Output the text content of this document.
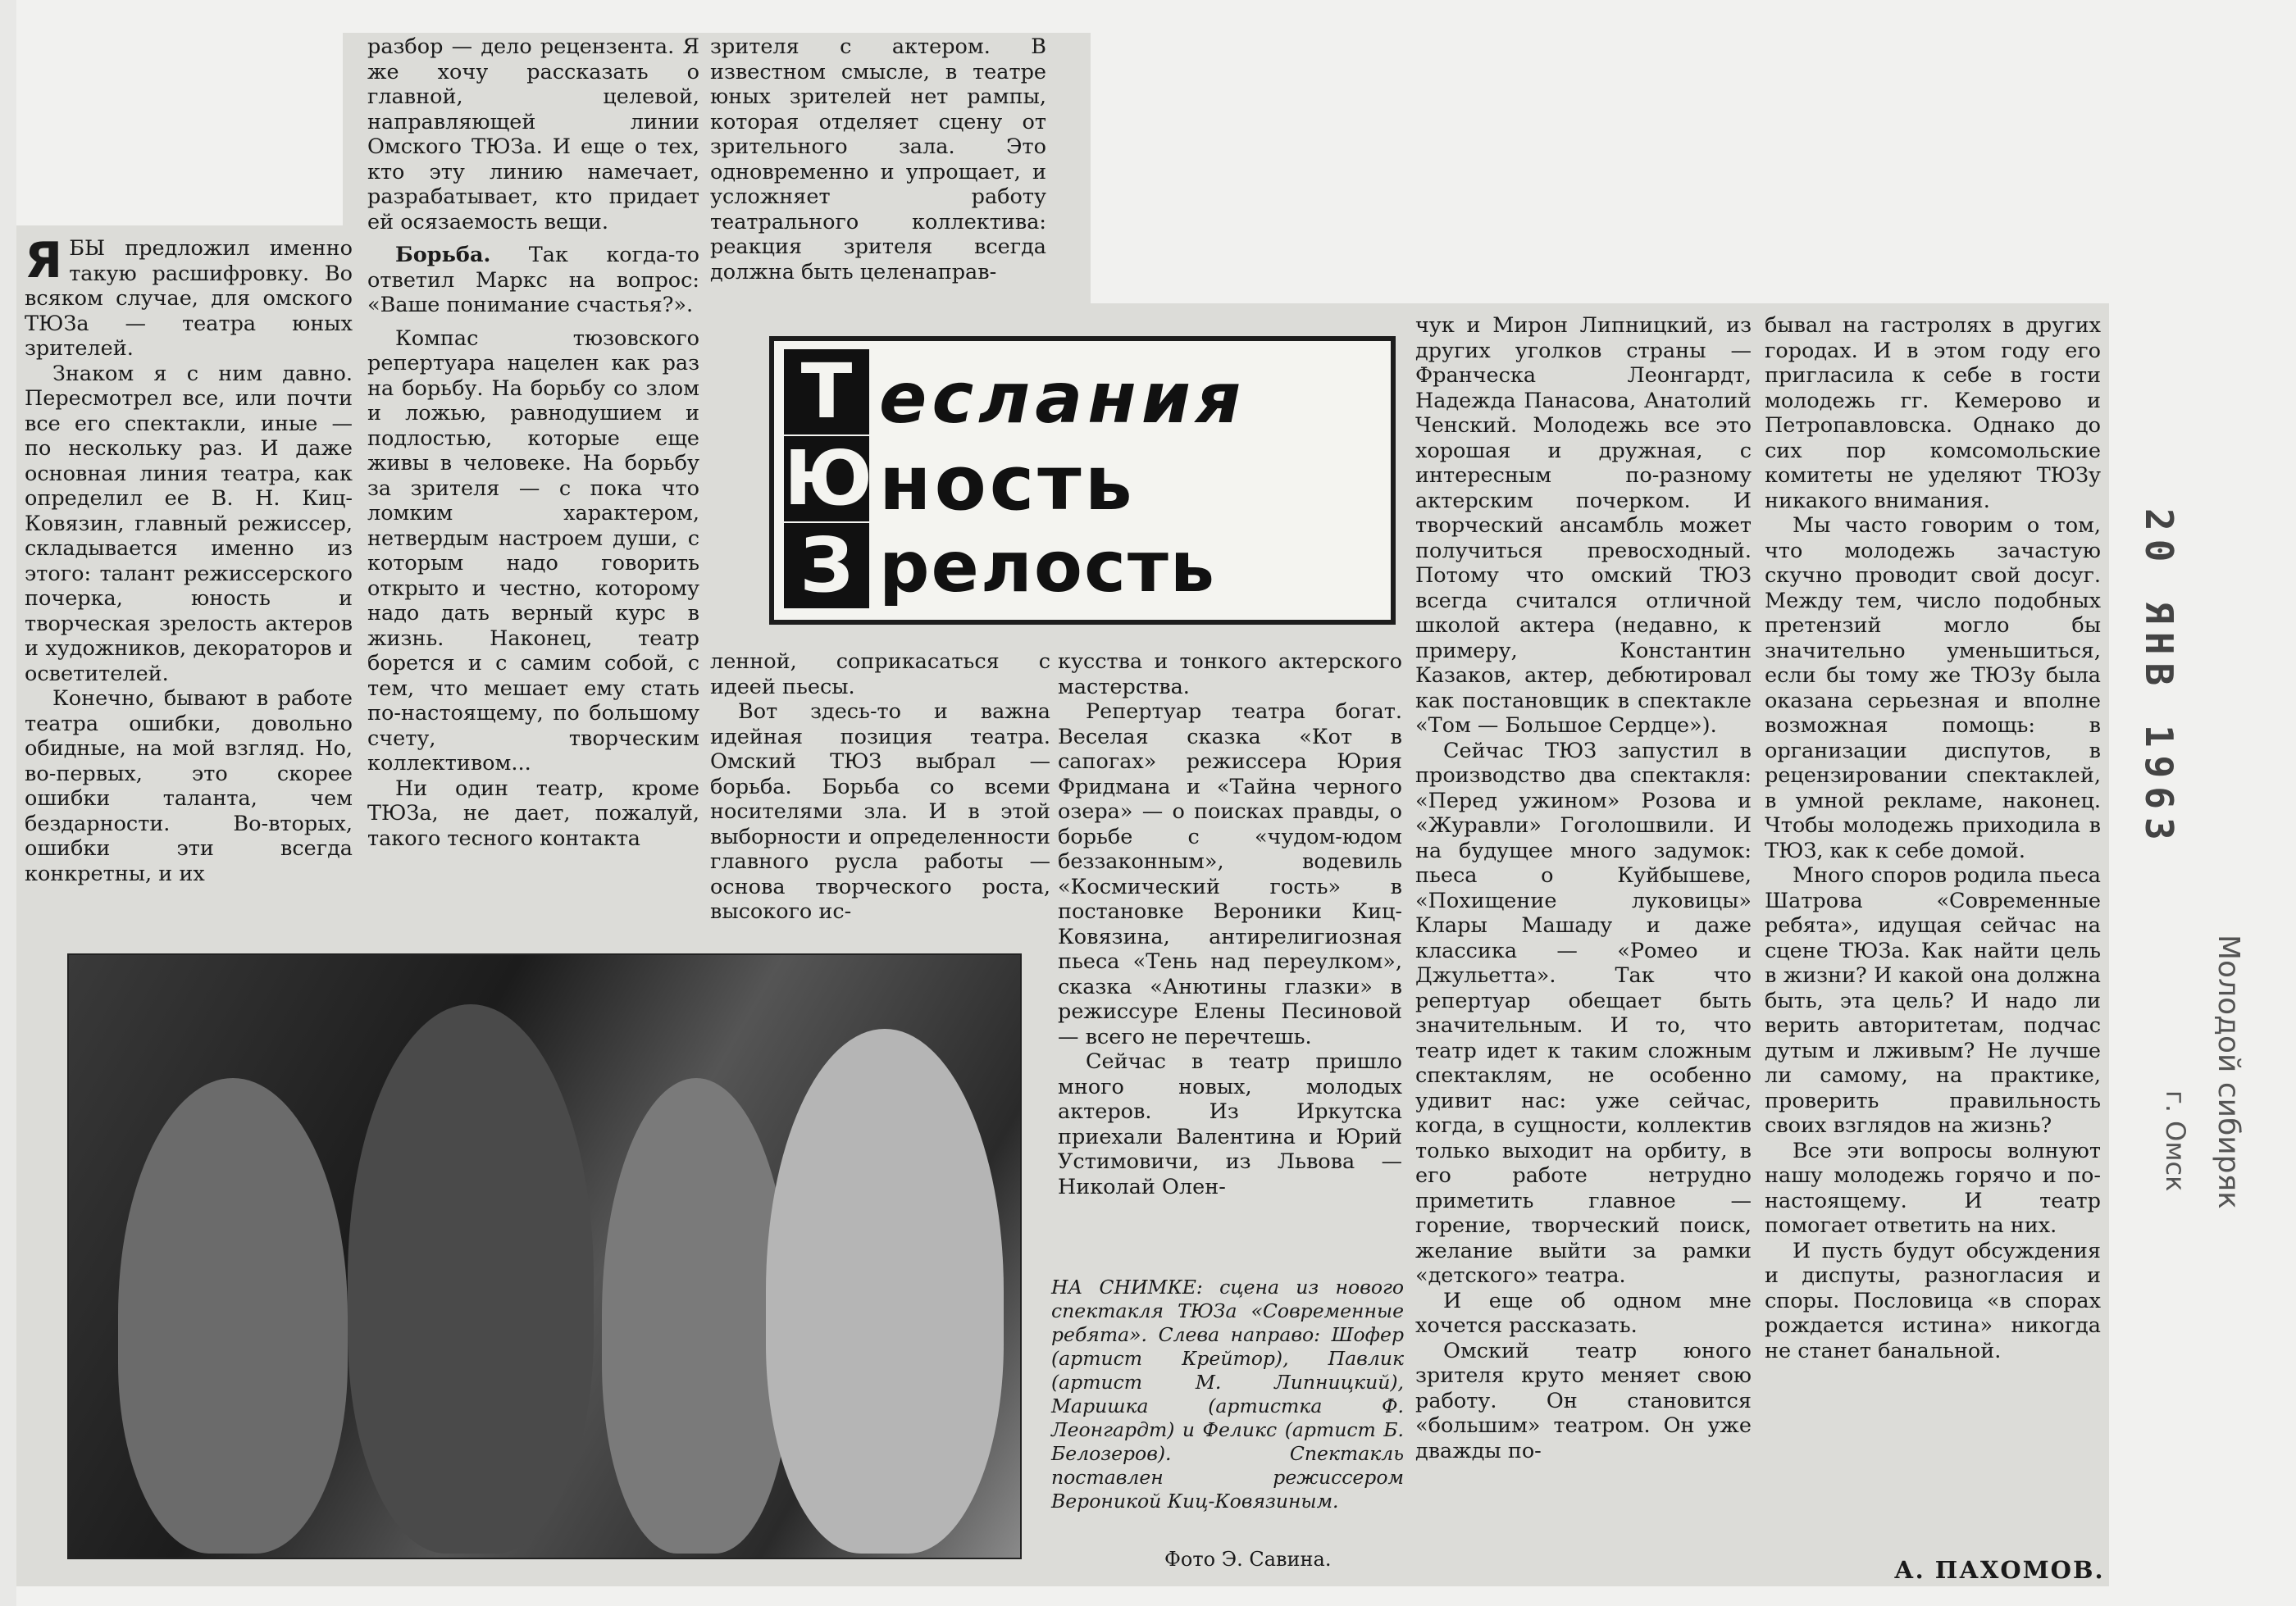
Я БЫ предложил именно такую расшифровку. Во всяком случае, для омского ТЮЗа — театра юных зрителей.

Знаком я с ним давно. Пересмотрел все, или почти все его спектакли, иные — по нескольку раз. И даже основная линия театра, как определил ее В. Н. Киц-Ковязин, главный режиссер, складывается именно из этого: талант режиссерского почерка, юность и творческая зрелость актеров и художников, декораторов и осветителей.

Конечно, бывают в работе театра ошибки, довольно обидные, на мой взгляд. Но, во-первых, это скорее ошибки таланта, чем бездарности. Во-вторых, ошибки эти всегда конкретны, и их

разбор — дело рецензента. Я же хочу рассказать о главной, целевой, направляющей линии Омского ТЮЗа. И еще о тех, кто эту линию намечает, разрабатывает, кто придает ей осязаемость вещи.

Борьба. Так когда-то ответил Маркс на вопрос: «Ваше понимание счастья?».

Компас тюзовского репертуара нацелен как раз на борьбу. На борьбу со злом и ложью, равнодушием и подлостью, которые еще живы в человеке. На борьбу за зрителя — с пока что ломким характером, нетвердым настроем души, с которым надо говорить открыто и честно, которому надо дать верный курс в жизнь. Наконец, театр борется и с самим собой, с тем, что мешает ему стать по-настоящему, по большому счету, творческим коллективом...

Ни один театр, кроме ТЮЗа, не дает, пожалуй, такого тесного контакта

зрителя с актером. В известном смысле, в театре юных зрителей нет рампы, которая отделяет сцену от зрительного зала. Это одновременно и упрощает, и усложняет работу театрального коллектива: реакция зрителя всегда должна быть целенаправ-

Т
Ю
З
еслания
ность
релость

ленной, соприкасаться с идеей пьесы.

Вот здесь-то и важна идейная позиция театра. Омский ТЮЗ выбрал — борьба. Борьба со всеми носителями зла. И в этой выборности и определенности главного русла работы — основа творческого роста, высокого ис-

кусства и тонкого актерского мастерства.

Репертуар театра богат. Веселая сказка «Кот в сапогах» режиссера Юрия Фридмана и «Тайна черного озера» — о поисках правды, о борьбе с «чудом-юдом беззаконным», водевиль «Космический гость» в постановке Вероники Киц-Ковязина, антирелигиозная пьеса «Тень над переулком», сказка «Анютины глазки» в режиссуре Елены Песиновой — всего не перечтешь.

Сейчас в театр пришло много новых, молодых актеров. Из Иркутска приехали Валентина и Юрий Устимовичи, из Львова — Николай Олен-

чук и Мирон Липницкий, из других уголков страны — Франческа Леонгардт, Надежда Панасова, Анатолий Ченский. Молодежь все это хорошая и дружная, с интересным по-разному актерским почерком. И творческий ансамбль может получиться превосходный. Потому что омский ТЮЗ всегда считался отличной школой актера (недавно, к примеру, Константин Казаков, актер, дебютировал как постановщик в спектакле «Том — Большое Сердце»).

Сейчас ТЮЗ запустил в производство два спектакля: «Перед ужином» Розова и «Журавли» Гоголошвили. И на будущее много задумок: пьеса о Куйбышеве, «Похищение луковицы» Клары Машаду и даже классика — «Ромео и Джульетта». Так что репертуар обещает быть значительным. И то, что театр идет к таким сложным спектаклям, не особенно удивит нас: уже сейчас, когда, в сущности, коллектив только выходит на орбиту, в его работе нетрудно приметить главное — горение, творческий поиск, желание выйти за рамки «детского» театра.

И еще об одном мне хочется рассказать.

Омский театр юного зрителя круто меняет свою работу. Он становится «большим» театром. Он уже дважды по-

бывал на гастролях в других городах. И в этом году его пригласила к себе в гости молодежь гг. Кемерово и Петропавловска. Однако до сих пор комсомольские комитеты не уделяют ТЮЗу никакого внимания.

Мы часто говорим о том, что молодежь зачастую скучно проводит свой досуг. Между тем, число подобных претензий могло бы значительно уменьшиться, если бы тому же ТЮЗу была оказана серьезная и вполне возможная помощь: в организации диспутов, в рецензировании спектаклей, в умной рекламе, наконец. Чтобы молодежь приходила в ТЮЗ, как к себе домой.

Много споров родила пьеса Шатрова «Современные ребята», идущая сейчас на сцене ТЮЗа. Как найти цель в жизни? И какой она должна быть, эта цель? И надо ли верить авторитетам, подчас дутым и лживым? Не лучше ли самому, на практике, проверить правильность своих взглядов на жизнь?

Все эти вопросы волнуют нашу молодежь горячо и по-настоящему. И театр помогает ответить на них.

И пусть будут обсуждения и диспуты, разногласия и споры. Пословица «в спорах рождается истина» никогда не станет банальной.

НА СНИМКЕ: сцена из нового спектакля ТЮЗа «Современные ребята». Слева направо: Шофер (артист Крейтор), Павлик (артист М. Липницкий), Маришка (артистка Ф. Леонгардт) и Феликс (артист Б. Белозеров). Спектакль поставлен режиссером Вероникой Киц-Ковязиным.
Фото Э. Савина.	А. ПАХОМОВ.
20 ЯНВ 1963
Молодой сибиряк
г. Омск
